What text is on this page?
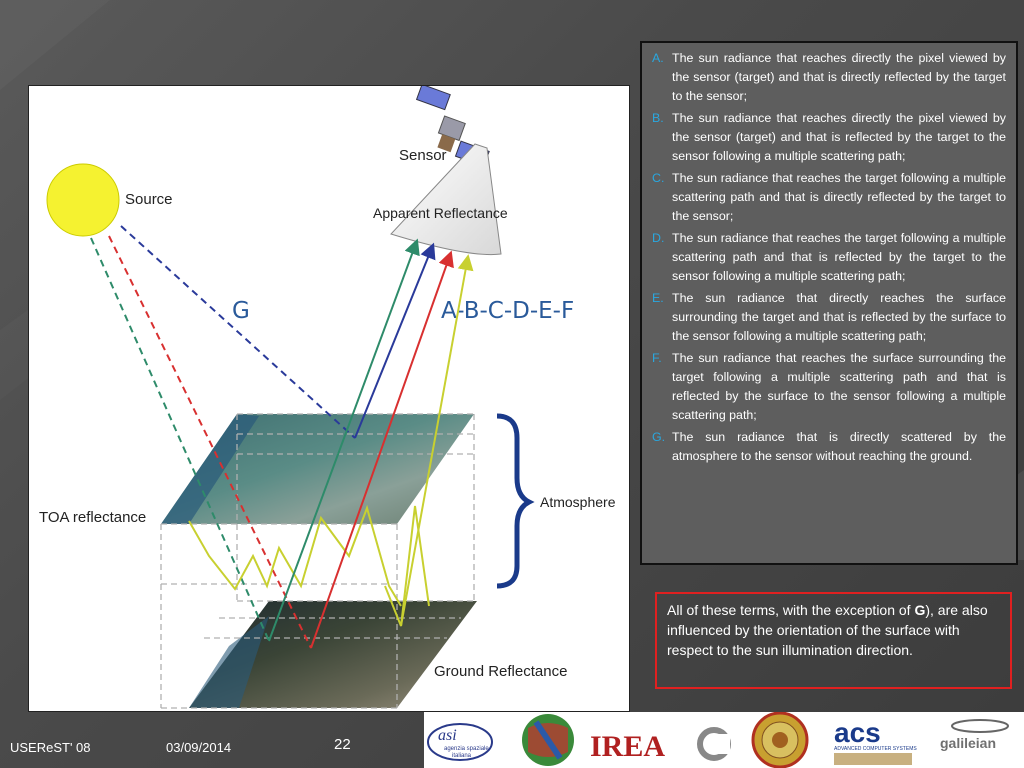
Source
Sensor
Apparent Reflectance
G	A-B-C-D-E-F
Atmosphere
TOA reflectance
Ground Reflectance
A. The sun radiance that reaches directly the pixel viewed by the sensor (target) and that is directly reflected by the target to the sensor;
B. The sun radiance that reaches directly the pixel viewed by the sensor (target) and that is reflected by the target to the sensor following a multiple scattering path;
C. The sun radiance that reaches the target following a multiple scattering path and that is directly reflected by the target to the sensor;
D. The sun radiance that reaches the target following a multiple scattering path and that is reflected by the target to the sensor following a multiple scattering path;
E. The sun radiance that directly reaches the surface surrounding the target and that is reflected by the surface to the sensor following a multiple scattering path;
F. The sun radiance that reaches the surface surrounding the target following a multiple scattering path and that is reflected by the surface to the sensor following a multiple scattering path;
G. The sun radiance that is directly scattered by the atmosphere to the sensor without reaching the ground.
All of these terms, with the exception of G), are also influenced by the orientation of the surface with respect to the sun illumination direction.
USEReST' 08	03/09/2014	22
asi
agenzia spaziale
italiana	IREA	acs
ADVANCED COMPUTER SYSTEMS galileian
